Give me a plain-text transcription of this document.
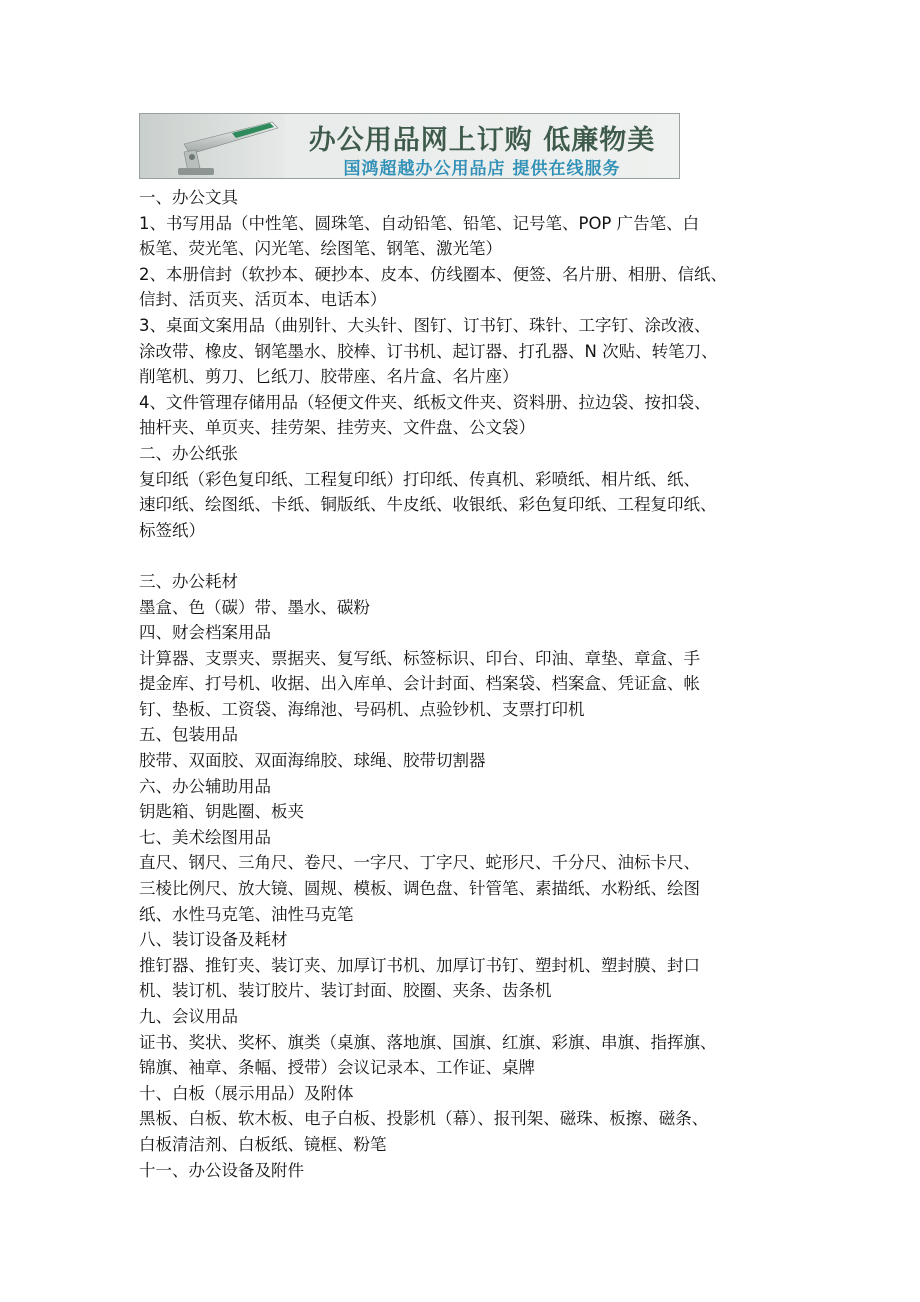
办公用品网上订购 低廉物美
国鸿超越办公用品店 提供在线服务
一、办公文具
1、书写用品（中性笔、圆珠笔、自动铅笔、铅笔、记号笔、POP 广告笔、白
板笔、荧光笔、闪光笔、绘图笔、钢笔、激光笔）
2、本册信封（软抄本、硬抄本、皮本、仿线圈本、便签、名片册、相册、信纸、
信封、活页夹、活页本、电话本）
3、桌面文案用品（曲别针、大头针、图钉、订书钉、珠针、工字钉、涂改液、
涂改带、橡皮、钢笔墨水、胶棒、订书机、起订器、打孔器、N 次贴、转笔刀、
削笔机、剪刀、匕纸刀、胶带座、名片盒、名片座）
4、文件管理存储用品（轻便文件夹、纸板文件夹、资料册、拉边袋、按扣袋、
抽杆夹、单页夹、挂劳架、挂劳夹、文件盘、公文袋）
二、办公纸张
复印纸（彩色复印纸、工程复印纸）打印纸、传真机、彩喷纸、相片纸、纸、
速印纸、绘图纸、卡纸、铜版纸、牛皮纸、收银纸、彩色复印纸、工程复印纸、
标签纸）
三、办公耗材
墨盒、色（碳）带、墨水、碳粉
四、财会档案用品
计算器、支票夹、票据夹、复写纸、标签标识、印台、印油、章垫、章盒、手
提金库、打号机、收据、出入库单、会计封面、档案袋、档案盒、凭证盒、帐
钉、垫板、工资袋、海绵池、号码机、点验钞机、支票打印机
五、包装用品
胶带、双面胶、双面海绵胶、球绳、胶带切割器
六、办公辅助用品
钥匙箱、钥匙圈、板夹
七、美术绘图用品
直尺、钢尺、三角尺、卷尺、一字尺、丁字尺、蛇形尺、千分尺、油标卡尺、
三棱比例尺、放大镜、圆规、模板、调色盘、针管笔、素描纸、水粉纸、绘图
纸、水性马克笔、油性马克笔
八、装订设备及耗材
推钉器、推钉夹、装订夹、加厚订书机、加厚订书钉、塑封机、塑封膜、封口
机、装订机、装订胶片、装订封面、胶圈、夹条、齿条机
九、会议用品
证书、奖状、奖杯、旗类（桌旗、落地旗、国旗、红旗、彩旗、串旗、指挥旗、
锦旗、袖章、条幅、授带）会议记录本、工作证、桌牌
十、白板（展示用品）及附体
黑板、白板、软木板、电子白板、投影机（幕）、报刊架、磁珠、板擦、磁条、
白板清洁剂、白板纸、镜框、粉笔
十一、办公设备及附件
